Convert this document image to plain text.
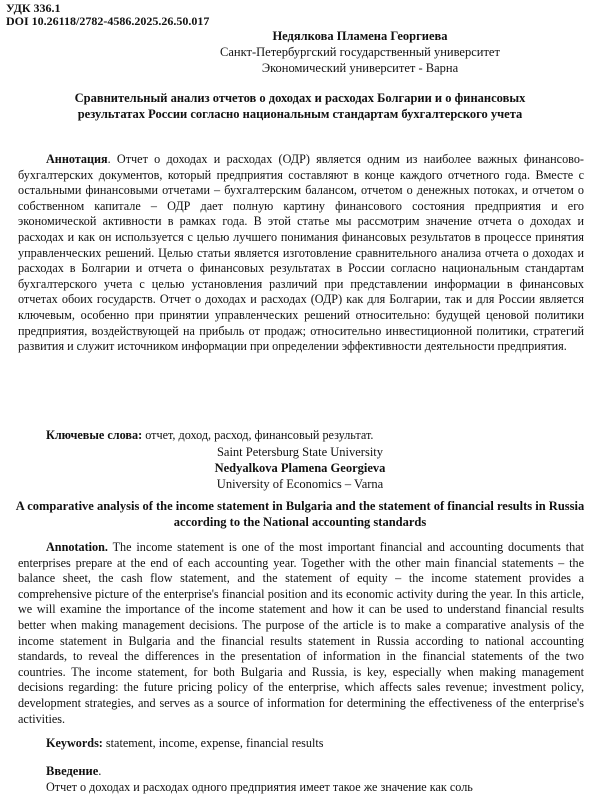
УДК 336.1
DOI 10.26118/2782-4586.2025.26.50.017
Недялкова Пламена Георгиева
Санкт-Петербургский государственный университет
Экономический университет - Варна
Сравнительный анализ отчетов о доходах и расходах Болгарии и о финансовых результатах России согласно национальным стандартам бухгалтерского учета
Аннотация. Отчет о доходах и расходах (ОДР) является одним из наиболее важных финансово-бухгалтерских документов, который предприятия составляют в конце каждого отчетного года. Вместе с остальными финансовыми отчетами – бухгалтерским балансом, отчетом о денежных потоках, и отчетом о собственном капитале – ОДР дает полную картину финансового состояния предприятия и его экономической активности в рамках года. В этой статье мы рассмотрим значение отчета о доходах и расходах и как он используется с целью лучшего понимания финансовых результатов в процессе принятия управленческих решений. Целью статьи является изготовление сравнительного анализа отчета о доходах и расходах в Болгарии и отчета о финансовых результатах в России согласно национальным стандартам бухгалтерского учета с целью установления различий при представлении информации в финансовых отчетах обоих государств. Отчет о доходах и расходах (ОДР) как для Болгарии, так и для России является ключевым, особенно при принятии управленческих решений относительно: будущей ценовой политики предприятия, воздействующей на прибыль от продаж; относительно инвестиционной политики, стратегий развития и служит источником информации при определении эффективности деятельности предприятия.
Ключевые слова: отчет, доход, расход, финансовый результат.
Nedyalkova Plamena Georgieva
Saint Petersburg State University
University of Economics – Varna
A comparative analysis of the income statement in Bulgaria and the statement of financial results in Russia according to the National accounting standards
Annotation. The income statement is one of the most important financial and accounting documents that enterprises prepare at the end of each accounting year. Together with the other main financial statements – the balance sheet, the cash flow statement, and the statement of equity – the income statement provides a comprehensive picture of the enterprise's financial position and its economic activity during the year. In this article, we will examine the importance of the income statement and how it can be used to understand financial results better when making management decisions. The purpose of the article is to make a comparative analysis of the income statement in Bulgaria and the financial results statement in Russia according to national accounting standards, to reveal the differences in the presentation of information in the financial statements of the two countries. The income statement, for both Bulgaria and Russia, is key, especially when making management decisions regarding: the future pricing policy of the enterprise, which affects sales revenue; investment policy, development strategies, and serves as a source of information for determining the effectiveness of the enterprise's activities.
Keywords: statement, income, expense, financial results
Введение.
Отчет о доходах и расходах одного предприятия имеет такое же значение как соль
